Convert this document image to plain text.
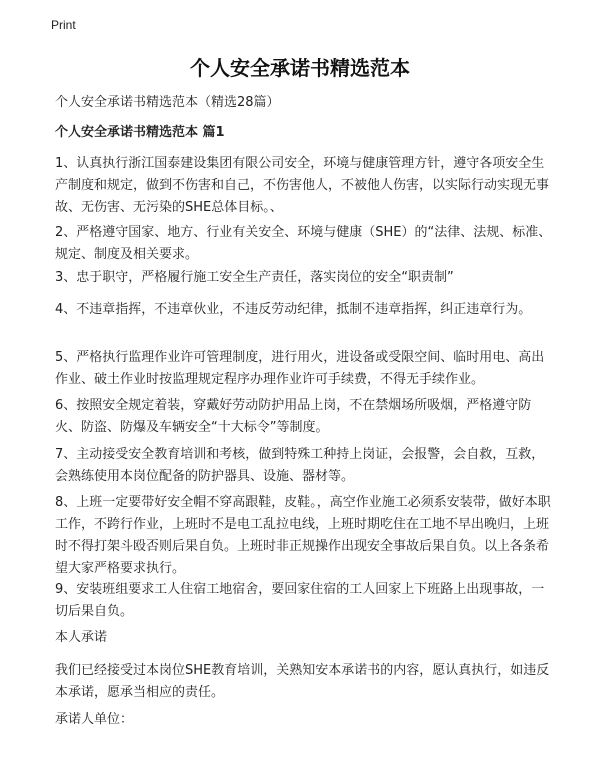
Print
个人安全承诺书精选范本

个人安全承诺书精选范本（精选28篇）

个人安全承诺书精选范本 篇1

1、认真执行浙江国泰建设集团有限公司安全，环境与健康管理方针，遵守各项安全生产制度和规定，做到不伤害和自己，不伤害他人，不被他人伤害，以实际行动实现无事故、无伤害、无污染的SHE总体目标。、

2、严格遵守国家、地方、行业有关安全、环境与健康（SHE）的“法律、法规、标准、规定、制度及相关要求。

3、忠于职守，严格履行施工安全生产责任，落实岗位的安全“职责制”

4、不违章指挥，不违章伙业，不违反劳动纪律，抵制不违章指挥，纠正违章行为。

5、严格执行监理作业许可管理制度，进行用火，进设备或受限空间、临时用电、高出作业、破土作业时按监理规定程序办理作业许可手续费，不得无手续作业。

6、按照安全规定着装，穿戴好劳动防护用品上岗，不在禁烟场所吸烟，严格遵守防火、防盗、防爆及车辆安全“十大标令”等制度。

7、主动接受安全教育培训和考核，做到特殊工种持上岗证，会报警，会自救，互救，会熟练使用本岗位配备的防护器具、设施、器材等。

8、上班一定要带好安全帽不穿高跟鞋，皮鞋。，高空作业施工必须系安装带，做好本职工作，不跨行作业，上班时不是电工乱拉电线，上班时期吃住在工地不早出晚归，上班时不得打架斗殴否则后果自负。上班时非正规操作出现安全事故后果自负。以上各条希望大家严格要求执行。

9、安装班组要求工人住宿工地宿舍，要回家住宿的工人回家上下班路上出现事故，一切后果自负。

本人承诺

我们已经接受过本岗位SHE教育培训，关熟知安本承诺书的内容，愿认真执行，如违反本承诺，愿承当相应的责任。

承诺人单位：
